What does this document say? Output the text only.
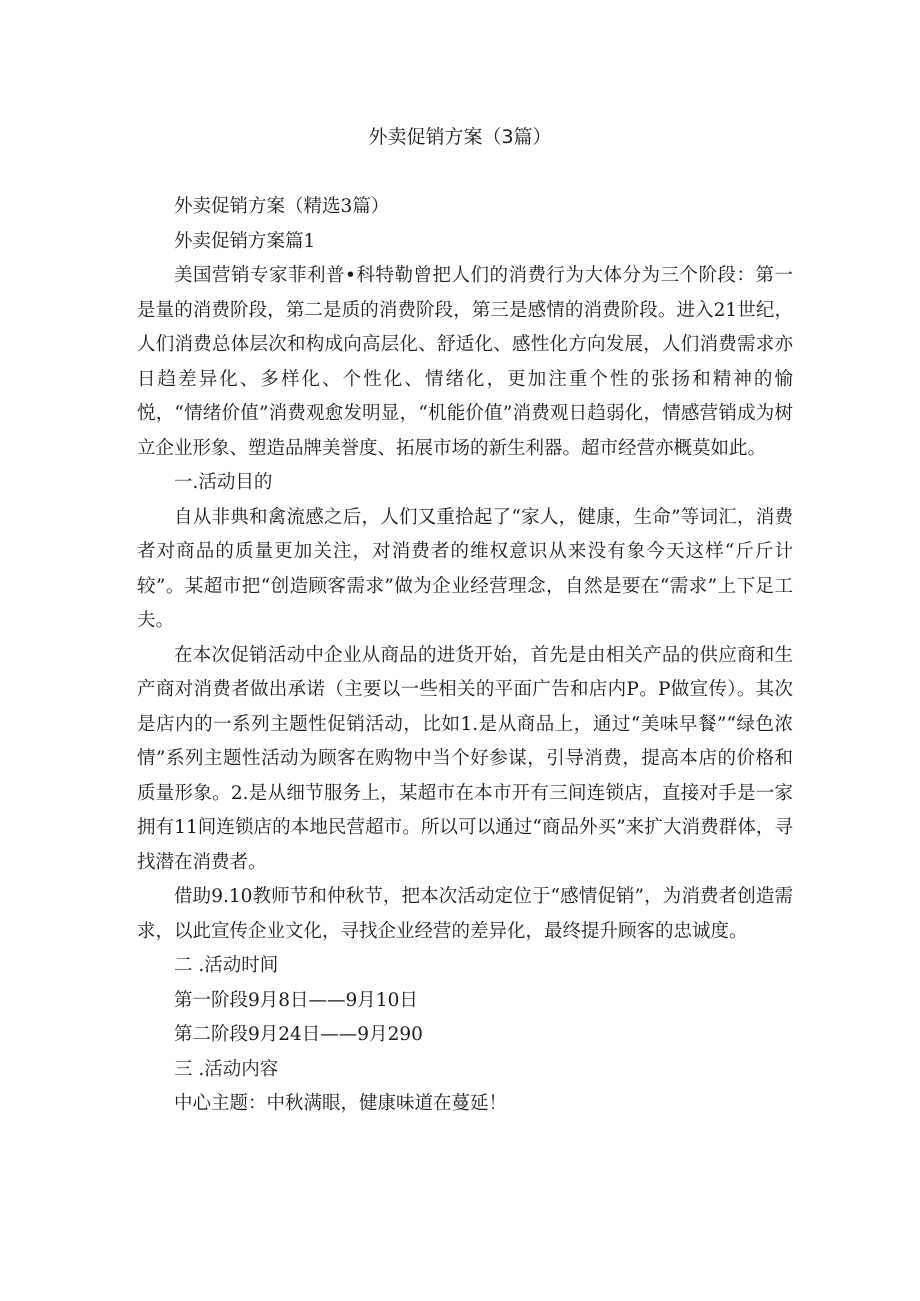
外卖促销方案（3篇）

外卖促销方案（精选3篇）

外卖促销方案篇1

美国营销专家菲利普•科特勒曾把人们的消费行为大体分为三个阶段：第一是量的消费阶段，第二是质的消费阶段，第三是感情的消费阶段。进入21世纪，人们消费总体层次和构成向高层化、舒适化、感性化方向发展，人们消费需求亦日趋差异化、多样化、个性化、情绪化，更加注重个性的张扬和精神的愉悦，“情绪价值”消费观愈发明显，“机能价值”消费观日趋弱化，情感营销成为树立企业形象、塑造品牌美誉度、拓展市场的新生利器。超市经营亦概莫如此。

一.活动目的

自从非典和禽流感之后，人们又重拾起了“家人，健康，生命”等词汇，消费者对商品的质量更加关注，对消费者的维权意识从来没有象今天这样“斤斤计较”。某超市把“创造顾客需求”做为企业经营理念，自然是要在“需求”上下足工夫。

在本次促销活动中企业从商品的进货开始，首先是由相关产品的供应商和生产商对消费者做出承诺（主要以一些相关的平面广告和店内P。P做宣传）。其次是店内的一系列主题性促销活动，比如1.是从商品上，通过“美味早餐”“绿色浓情”系列主题性活动为顾客在购物中当个好参谋，引导消费，提高本店的价格和质量形象。2.是从细节服务上，某超市在本市开有三间连锁店，直接对手是一家拥有11间连锁店的本地民营超市。所以可以通过“商品外买”来扩大消费群体，寻找潜在消费者。

借助9.10教师节和仲秋节，把本次活动定位于“感情促销”，为消费者创造需求，以此宣传企业文化，寻找企业经营的差异化，最终提升顾客的忠诚度。

二 .活动时间

第一阶段9月8日——9月10日

第二阶段9月24日——9月290

三 .活动内容

中心主题：中秋满眼，健康味道在蔓延！
